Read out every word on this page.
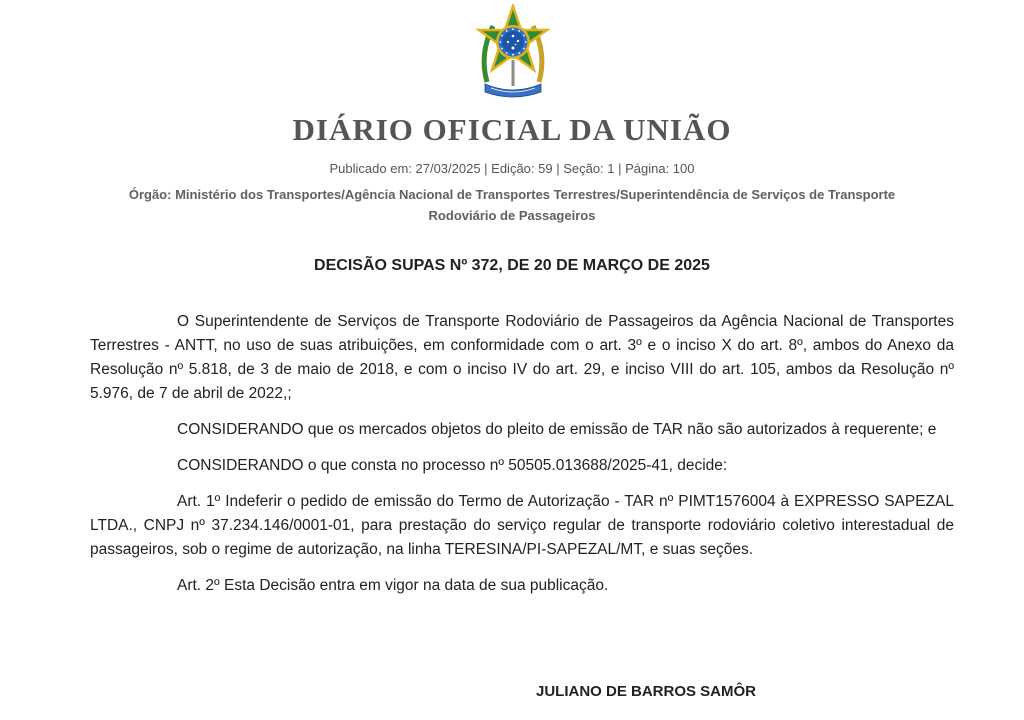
DIÁRIO OFICIAL DA UNIÃO
Publicado em: 27/03/2025 | Edição: 59 | Seção: 1 | Página: 100
Órgão: Ministério dos Transportes/Agência Nacional de Transportes Terrestres/Superintendência de Serviços de Transporte Rodoviário de Passageiros
DECISÃO SUPAS Nº 372, DE 20 DE MARÇO DE 2025

O Superintendente de Serviços de Transporte Rodoviário de Passageiros da Agência Nacional de Transportes Terrestres - ANTT, no uso de suas atribuições, em conformidade com o art. 3º e o inciso X do art. 8º, ambos do Anexo da Resolução nº 5.818, de 3 de maio de 2018, e com o inciso IV do art. 29, e inciso VIII do art. 105, ambos da Resolução nº 5.976, de 7 de abril de 2022,;

CONSIDERANDO que os mercados objetos do pleito de emissão de TAR não são autorizados à requerente; e

CONSIDERANDO o que consta no processo nº 50505.013688/2025-41, decide:

Art. 1º Indeferir o pedido de emissão do Termo de Autorização - TAR nº PIMT1576004 à EXPRESSO SAPEZAL LTDA., CNPJ nº 37.234.146/0001-01, para prestação do serviço regular de transporte rodoviário coletivo interestadual de passageiros, sob o regime de autorização, na linha TERESINA/PI-SAPEZAL/MT, e suas seções.

Art. 2º Esta Decisão entra em vigor na data de sua publicação.

JULIANO DE BARROS SAMÔR
